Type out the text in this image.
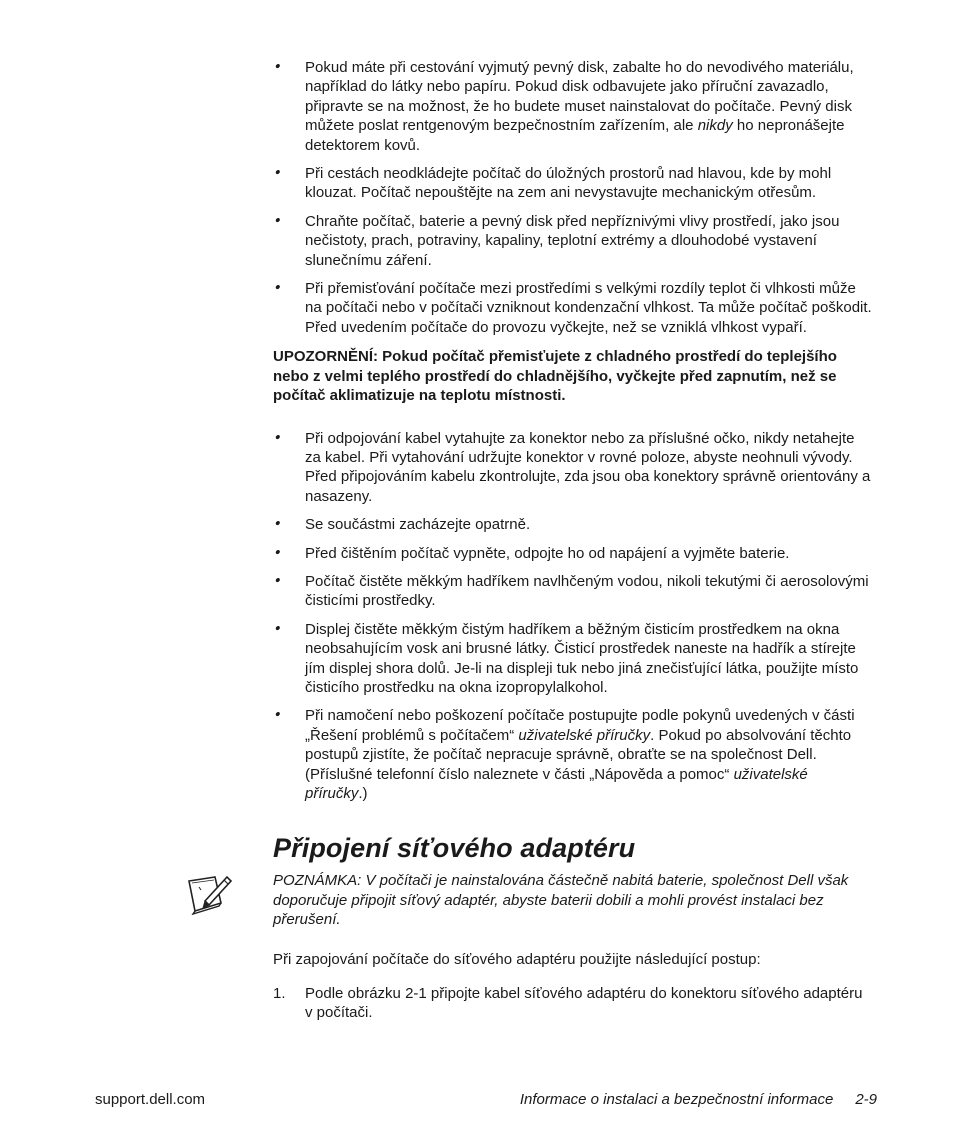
• Pokud máte při cestování vyjmutý pevný disk, zabalte ho do nevodivého materiálu, například do látky nebo papíru. Pokud disk odbavujete jako příruční zavazadlo, připravte se na možnost, že ho budete muset nainstalovat do počítače. Pevný disk můžete poslat rentgenovým bezpečnostním zařízením, ale nikdy ho nepronášejte detektorem kovů.
• Při cestách neodkládejte počítač do úložných prostorů nad hlavou, kde by mohl klouzat. Počítač nepouštějte na zem ani nevystavujte mechanickým otřesům.
• Chraňte počítač, baterie a pevný disk před nepříznivými vlivy prostředí, jako jsou nečistoty, prach, potraviny, kapaliny, teplotní extrémy a dlouhodobé vystavení slunečnímu záření.
• Při přemisťování počítače mezi prostředími s velkými rozdíly teplot či vlhkosti může na počítači nebo v počítači vzniknout kondenzační vlhkost. Ta může počítač poškodit. Před uvedením počítače do provozu vyčkejte, než se vzniklá vlhkost vypaří.
UPOZORNĚNÍ: Pokud počítač přemisťujete z chladného prostředí do teplejšího nebo z velmi teplého prostředí do chladnějšího, vyčkejte před zapnutím, než se počítač aklimatizuje na teplotu místnosti.
• Při odpojování kabel vytahujte za konektor nebo za příslušné očko, nikdy netahejte za kabel. Při vytahování udržujte konektor v rovné poloze, abyste neohnuli vývody. Před připojováním kabelu zkontrolujte, zda jsou oba konektory správně orientovány a nasazeny.
• Se součástmi zacházejte opatrně.
• Před čištěním počítač vypněte, odpojte ho od napájení a vyjměte baterie.
• Počítač čistěte měkkým hadříkem navlhčeným vodou, nikoli tekutými či aerosolovými čisticími prostředky.
• Displej čistěte měkkým čistým hadříkem a běžným čisticím prostředkem na okna neobsahujícím vosk ani brusné látky. Čisticí prostředek naneste na hadřík a stírejte jím displej shora dolů. Je-li na displeji tuk nebo jiná znečisťující látka, použijte místo čisticího prostředku na okna izopropylalkohol.
• Při namočení nebo poškození počítače postupujte podle pokynů uvedených v části „Řešení problémů s počítačem“ uživatelské příručky. Pokud po absolvování těchto postupů zjistíte, že počítač nepracuje správně, obraťte se na společnost Dell. (Příslušné telefonní číslo naleznete v části „Nápověda a pomoc“ uživatelské příručky.)
Připojení síťového adaptéru
POZNÁMKA: V počítači je nainstalována částečně nabitá baterie, společnost Dell však doporučuje připojit síťový adaptér, abyste baterii dobili a mohli provést instalaci bez přerušení.
Při zapojování počítače do síťového adaptéru použijte následující postup:
1. Podle obrázku 2-1 připojte kabel síťového adaptéru do konektoru síťového adaptéru v počítači.
support.dell.com	Informace o instalaci a bezpečnostní informace 2-9
